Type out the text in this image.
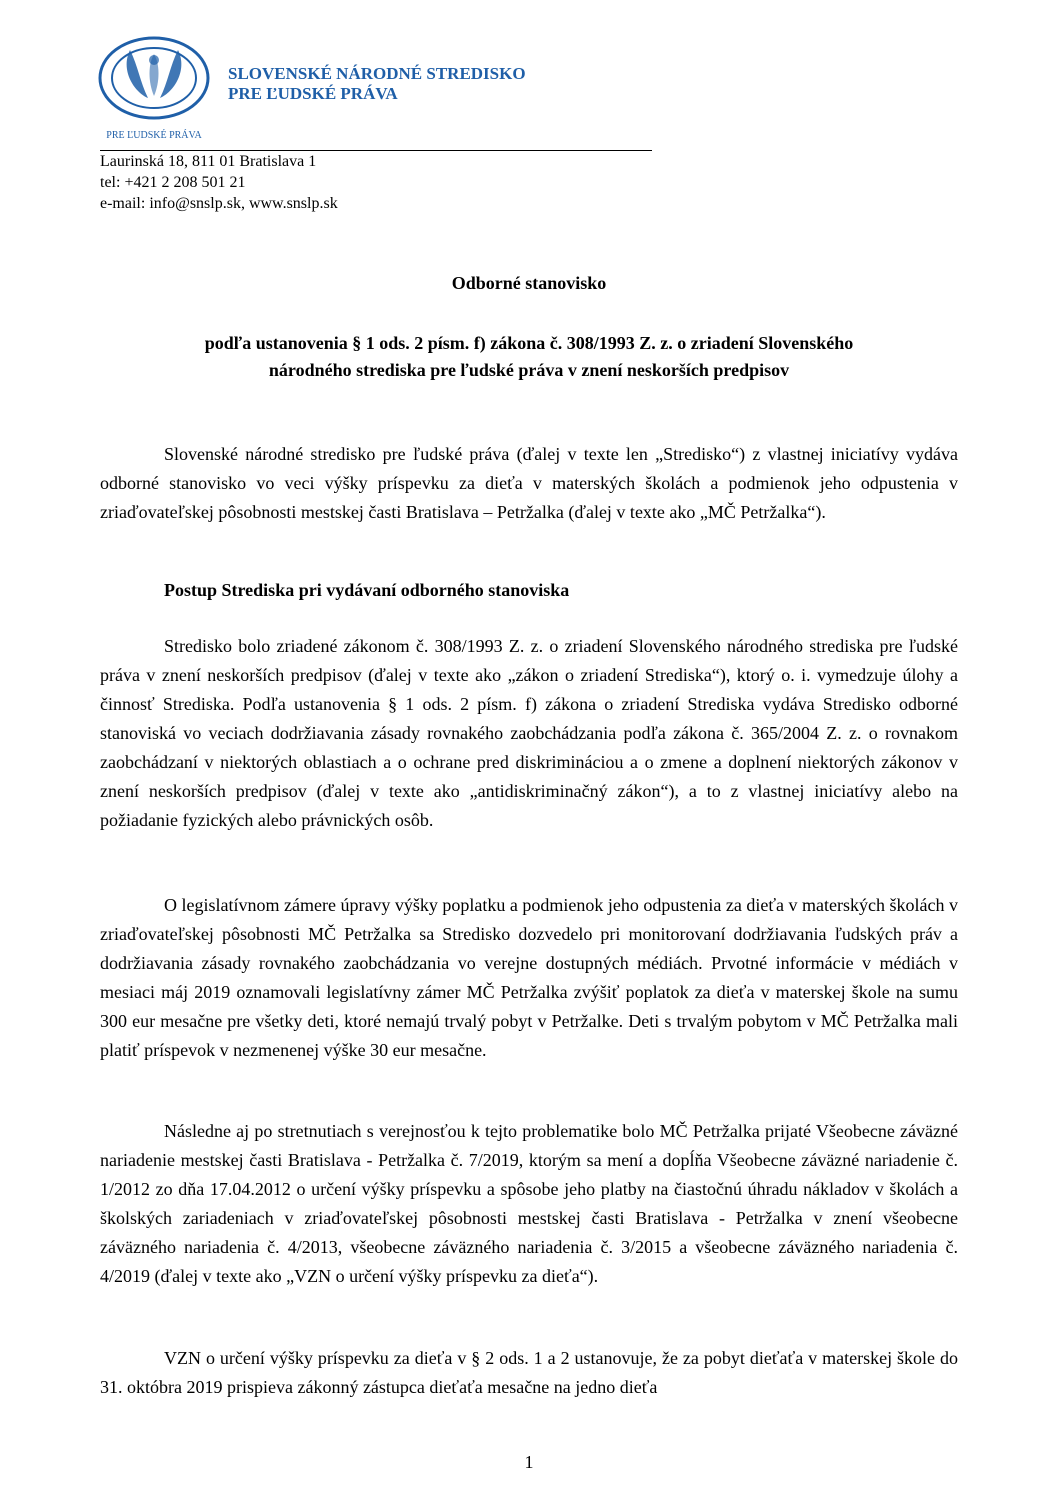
PRE ĽUDSKÉ PRÁVA
SLOVENSKÉ NÁRODNÉ STREDISKO
PRE ĽUDSKÉ PRÁVA
Laurinská 18, 811 01 Bratislava 1
tel: +421 2 208 501 21
e-mail: info@snslp.sk, www.snslp.sk
Odborné stanovisko
podľa ustanovenia § 1 ods. 2 písm. f) zákona č. 308/1993 Z. z. o zriadení Slovenského
národného strediska pre ľudské práva v znení neskorších predpisov
Slovenské národné stredisko pre ľudské práva (ďalej v texte len „Stredisko“) z vlastnej iniciatívy vydáva odborné stanovisko vo veci výšky príspevku za dieťa v materských školách a podmienok jeho odpustenia v zriaďovateľskej pôsobnosti mestskej časti Bratislava – Petržalka (ďalej v texte ako „MČ Petržalka“).
Postup Strediska pri vydávaní odborného stanoviska
Stredisko bolo zriadené zákonom č. 308/1993 Z. z. o zriadení Slovenského národného strediska pre ľudské práva v znení neskorších predpisov (ďalej v texte ako „zákon o zriadení Strediska“), ktorý o. i. vymedzuje úlohy a činnosť Strediska. Podľa ustanovenia § 1 ods. 2 písm. f) zákona o zriadení Strediska vydáva Stredisko odborné stanoviská vo veciach dodržiavania zásady rovnakého zaobchádzania podľa zákona č. 365/2004 Z. z. o rovnakom zaobchádzaní v niektorých oblastiach a o ochrane pred diskrimináciou a o zmene a doplnení niektorých zákonov v znení neskorších predpisov (ďalej v texte ako „antidiskriminačný zákon“), a to z vlastnej iniciatívy alebo na požiadanie fyzických alebo právnických osôb.
O legislatívnom zámere úpravy výšky poplatku a podmienok jeho odpustenia za dieťa v materských školách v zriaďovateľskej pôsobnosti MČ Petržalka sa Stredisko dozvedelo pri monitorovaní dodržiavania ľudských práv a dodržiavania zásady rovnakého zaobchádzania vo verejne dostupných médiách. Prvotné informácie v médiách v mesiaci máj 2019 oznamovali legislatívny zámer MČ Petržalka zvýšiť poplatok za dieťa v materskej škole na sumu 300 eur mesačne pre všetky deti, ktoré nemajú trvalý pobyt v Petržalke. Deti s trvalým pobytom v MČ Petržalka mali platiť príspevok v nezmenenej výške 30 eur mesačne.
Následne aj po stretnutiach s verejnosťou k tejto problematike bolo MČ Petržalka prijaté Všeobecne záväzné nariadenie mestskej časti Bratislava - Petržalka č. 7/2019, ktorým sa mení a dopĺňa Všeobecne záväzné nariadenie č. 1/2012 zo dňa 17.04.2012 o určení výšky príspevku a spôsobe jeho platby na čiastočnú úhradu nákladov v školách a školských zariadeniach v zriaďovateľskej pôsobnosti mestskej časti Bratislava - Petržalka v znení všeobecne záväzného nariadenia č. 4/2013, všeobecne záväzného nariadenia č. 3/2015 a všeobecne záväzného nariadenia č. 4/2019 (ďalej v texte ako „VZN o určení výšky príspevku za dieťa“).
VZN o určení výšky príspevku za dieťa v § 2 ods. 1 a 2 ustanovuje, že za pobyt dieťaťa v materskej škole do 31. októbra 2019 prispieva zákonný zástupca dieťaťa mesačne na jedno dieťa
1
